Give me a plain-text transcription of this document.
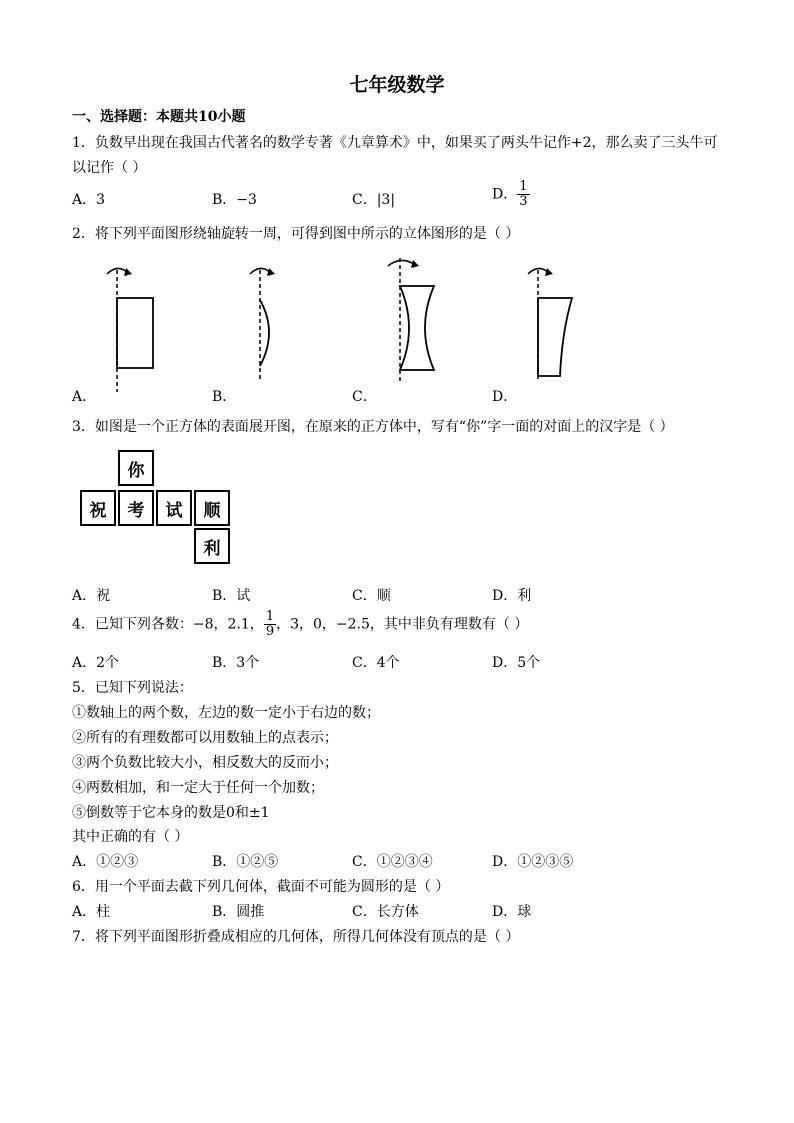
七年级数学
一、选择题：本题共10小题
1．负数早出现在我国古代著名的数学专著《九章算术》中，如果买了两头牛记作+2，那么卖了三头牛可
以记作（ ）
A．3	B．−3	C．|3|	D． $\frac{1}{3}$
2．将下列平面图形绕轴旋转一周，可得到图中所示的立体图形的是（ ）
A．	B．	C．	D．
3．如图是一个正方体的表面展开图，在原来的正方体中，写有“你”字一面的对面上的汉字是（ ）
你
祝	考	试	顺
利
A．祝	B．试	C．顺	D．利
4．已知下列各数：−8，2.1， $\frac{1}{9}$ ，3，0，−2.5，其中非负有理数有（ ）
A．2个	B．3个	C．4个	D．5个
5．已知下列说法：
①数轴上的两个数，左边的数一定小于右边的数；
②所有的有理数都可以用数轴上的点表示；
③两个负数比较大小，相反数大的反而小；
④两数相加，和一定大于任何一个加数；
⑤倒数等于它本身的数是0和±1
其中正确的有（ ）
A．①②③	B．①②⑤	C．①②③④	D．①②③⑤
6．用一个平面去截下列几何体，截面不可能为圆形的是（ ）
A．柱	B．圆推	C．长方体	D．球
7．将下列平面图形折叠成相应的几何体，所得几何体没有顶点的是（ ）
